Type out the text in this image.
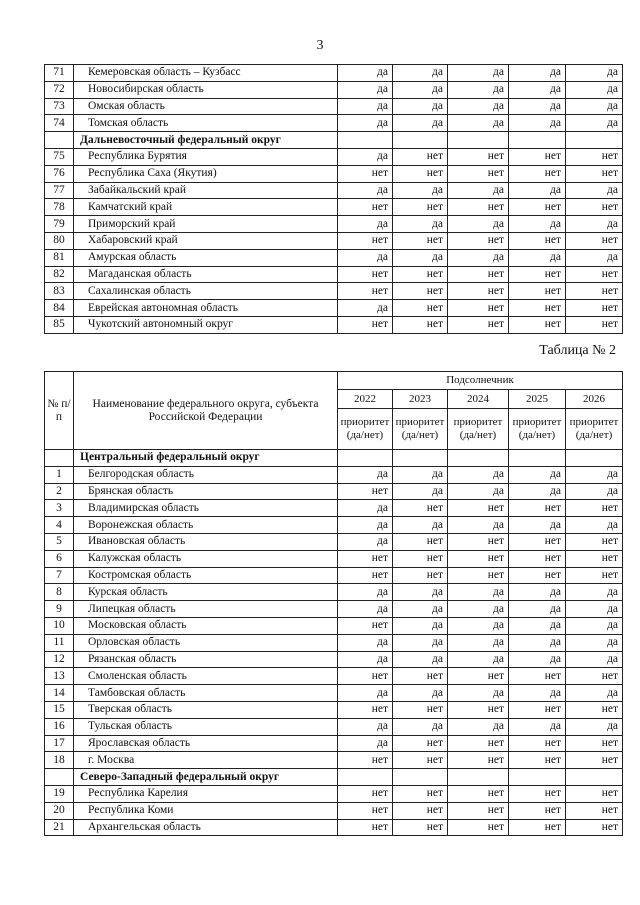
3
71	Кемеровская область – Кузбасс	да	да	да	да	да
72	Новосибирская область	да	да	да	да	да
73	Омская область	да	да	да	да	да
74	Томская область	да	да	да	да	да
	Дальневосточный федеральный округ					
75	Республика Бурятия	да	нет	нет	нет	нет
76	Республика Саха (Якутия)	нет	нет	нет	нет	нет
77	Забайкальский край	да	да	да	да	да
78	Камчатский край	нет	нет	нет	нет	нет
79	Приморский край	да	да	да	да	да
80	Хабаровский край	нет	нет	нет	нет	нет
81	Амурская область	да	да	да	да	да
82	Магаданская область	нет	нет	нет	нет	нет
83	Сахалинская область	нет	нет	нет	нет	нет
84	Еврейская автономная область	да	нет	нет	нет	нет
85	Чукотский автономный округ	нет	нет	нет	нет	нет
Таблица № 2
№ п/п	Наименование федерального округа, субъекта Российской Федерации	Подсолнечник				
		2022	2023	2024	2025	2026
		приоритет (да/нет)	приоритет (да/нет)	приоритет (да/нет)	приоритет (да/нет)	приоритет (да/нет)
	Центральный федеральный округ					
1	Белгородская область	да	да	да	да	да
2	Брянская область	нет	да	да	да	да
3	Владимирская область	да	нет	нет	нет	нет
4	Воронежская область	да	да	да	да	да
5	Ивановская область	да	нет	нет	нет	нет
6	Калужская область	нет	нет	нет	нет	нет
7	Костромская область	нет	нет	нет	нет	нет
8	Курская область	да	да	да	да	да
9	Липецкая область	да	да	да	да	да
10	Московская область	нет	да	да	да	да
11	Орловская область	да	да	да	да	да
12	Рязанская область	да	да	да	да	да
13	Смоленская область	нет	нет	нет	нет	нет
14	Тамбовская область	да	да	да	да	да
15	Тверская область	нет	нет	нет	нет	нет
16	Тульская область	да	да	да	да	да
17	Ярославская область	да	нет	нет	нет	нет
18	г. Москва	нет	нет	нет	нет	нет
	Северо-Западный федеральный округ					
19	Республика Карелия	нет	нет	нет	нет	нет
20	Республика Коми	нет	нет	нет	нет	нет
21	Архангельская область	нет	нет	нет	нет	нет
